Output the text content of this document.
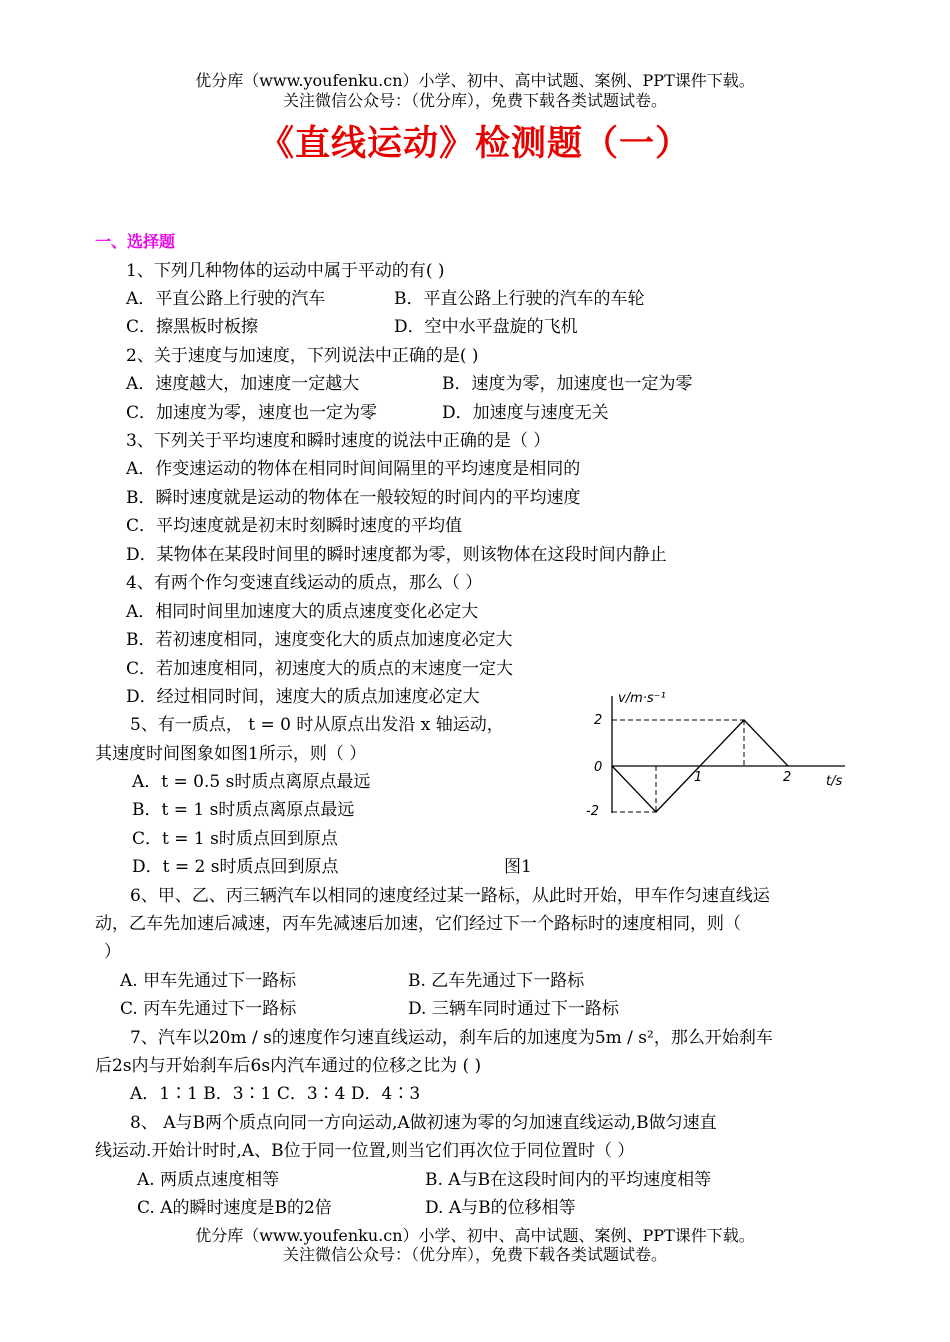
优分库（www.youfenku.cn）小学、初中、高中试题、案例、PPT课件下载。
关注微信公众号：（优分库），免费下载各类试题试卷。
《直线运动》检测题（一）
一、选择题
1、下列几种物体的运动中属于平动的有( )
A．平直公路上行驶的汽车	B．平直公路上行驶的汽车的车轮
C．擦黑板时板擦	D．空中水平盘旋的飞机
2、关于速度与加速度，下列说法中正确的是( )
A．速度越大，加速度一定越大	B．速度为零，加速度也一定为零
C．加速度为零，速度也一定为零	D．加速度与速度无关
3、下列关于平均速度和瞬时速度的说法中正确的是（ ）
A．作变速运动的物体在相同时间间隔里的平均速度是相同的
B．瞬时速度就是运动的物体在一般较短的时间内的平均速度
C．平均速度就是初末时刻瞬时速度的平均值
D．某物体在某段时间里的瞬时速度都为零，则该物体在这段时间内静止
4、有两个作匀变速直线运动的质点，那么（ ）
A．相同时间里加速度大的质点速度变化必定大
B．若初速度相同，速度变化大的质点加速度必定大
C．若加速度相同，初速度大的质点的末速度一定大
D．经过相同时间，速度大的质点加速度必定大
5、有一质点， t = 0 时从原点出发沿 x 轴运动，
其速度时间图象如图1所示，则（ ）
A．t = 0.5 s时质点离原点最远
B．t = 1 s时质点离原点最远
C．t = 1 s时质点回到原点
D．t = 2 s时质点回到原点	图1
v/m·s⁻¹
t/s
2
0
-2
1	2
6、甲、乙、丙三辆汽车以相同的速度经过某一路标，从此时开始，甲车作匀速直线运
动，乙车先加速后减速，丙车先减速后加速，它们经过下一个路标时的速度相同，则（
）
A. 甲车先通过下一路标	B. 乙车先通过下一路标
C. 丙车先通过下一路标	D. 三辆车同时通过下一路标
7、汽车以20m / s的速度作匀速直线运动，刹车后的加速度为5m / s²，那么开始刹车
后2s内与开始刹车后6s内汽车通过的位移之比为 ( )
A．1∶1 B．3∶1 C．3∶4 D．4∶3
8、 A与B两个质点向同一方向运动,A做初速为零的匀加速直线运动,B做匀速直
线运动.开始计时时,A、B位于同一位置,则当它们再次位于同位置时（ ）
A. 两质点速度相等	B. A与B在这段时间内的平均速度相等
C. A的瞬时速度是B的2倍	D. A与B的位移相等
优分库（www.youfenku.cn）小学、初中、高中试题、案例、PPT课件下载。
关注微信公众号：（优分库），免费下载各类试题试卷。
